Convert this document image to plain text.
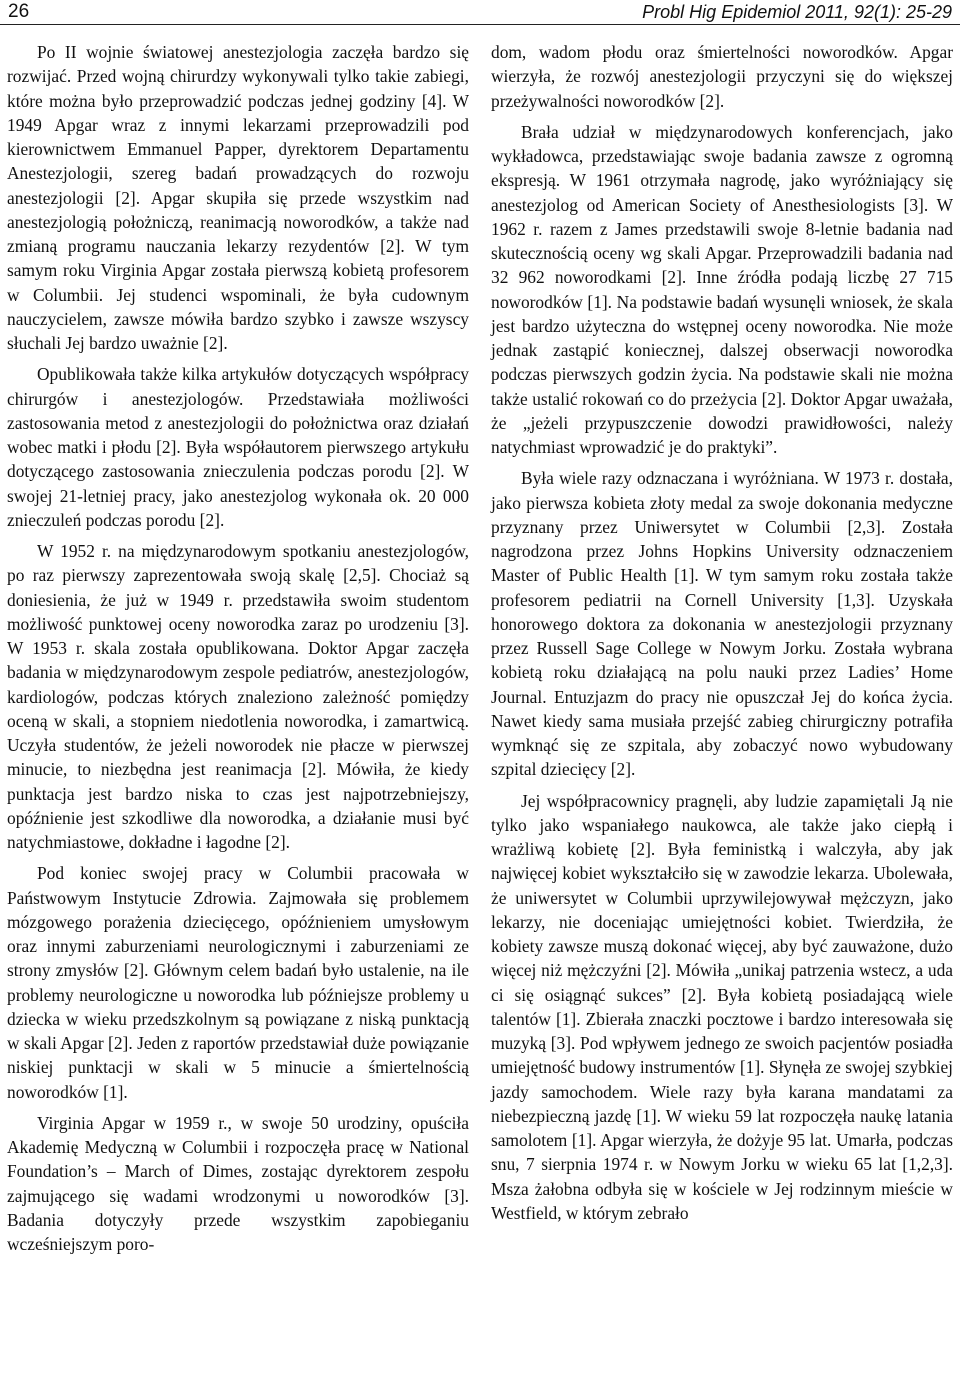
26	Probl Hig Epidemiol 2011, 92(1): 25-29

Po II wojnie światowej anestezjologia zaczęła bardzo się rozwijać. Przed wojną chirurdzy wykonywali tylko takie zabiegi, które można było przeprowadzić podczas jednej godziny [4]. W 1949 Apgar wraz z innymi lekarzami przeprowadzili pod kierownictwem Emmanuel Papper, dyrektorem Departamentu Anestezjologii, szereg badań prowadzących do rozwoju anestezjologii [2]. Apgar skupiła się przede wszystkim nad anestezjologią położniczą, reanimacją noworodków, a także nad zmianą programu nauczania lekarzy rezydentów [2]. W tym samym roku Virginia Apgar została pierwszą kobietą profesorem w Columbii. Jej studenci wspominali, że była cudownym nauczycielem, zawsze mówiła bardzo szybko i zawsze wszyscy słuchali Jej bardzo uważnie [2].

Opublikowała także kilka artykułów dotyczących współpracy chirurgów i anestezjologów. Przedstawiała możliwości zastosowania metod z anestezjologii do położnictwa oraz działań wobec matki i płodu [2]. Była współautorem pierwszego artykułu dotyczącego zastosowania znieczulenia podczas porodu [2]. W swojej 21-letniej pracy, jako anestezjolog wykonała ok. 20 000 znieczuleń podczas porodu [2].

W 1952 r. na międzynarodowym spotkaniu anestezjologów, po raz pierwszy zaprezentowała swoją skalę [2,5]. Chociaż są doniesienia, że już w 1949 r. przedstawiła swoim studentom możliwość punktowej oceny noworodka zaraz po urodzeniu [3]. W 1953 r. skala została opublikowana. Doktor Apgar zaczęła badania w międzynarodowym zespole pediatrów, anestezjologów, kardiologów, podczas których znaleziono zależność pomiędzy oceną w skali, a stopniem niedotlenia noworodka, i zamartwicą. Uczyła studentów, że jeżeli noworodek nie płacze w pierwszej minucie, to niezbędna jest reanimacja [2]. Mówiła, że kiedy punktacja jest bardzo niska to czas jest najpotrzebniejszy, opóźnienie jest szkodliwe dla noworodka, a działanie musi być natychmiastowe, dokładne i łagodne [2].

Pod koniec swojej pracy w Columbii pracowała w Państwowym Instytucie Zdrowia. Zajmowała się problemem mózgowego porażenia dziecięcego, opóźnieniem umysłowym oraz innymi zaburzeniami neurologicznymi i zaburzeniami ze strony zmysłów [2]. Głównym celem badań było ustalenie, na ile problemy neurologiczne u noworodka lub późniejsze problemy u dziecka w wieku przedszkolnym są powiązane z niską punktacją w skali Apgar [2]. Jeden z raportów przedstawiał duże powiązanie niskiej punktacji w skali w 5 minucie a śmiertelnością noworodków [1].

Virginia Apgar w 1959 r., w swoje 50 urodziny, opuściła Akademię Medyczną w Columbii i rozpoczęła pracę w National Foundation’s – March of Dimes, zostając dyrektorem zespołu zajmującego się wadami wrodzonymi u noworodków [3]. Badania dotyczyły przede wszystkim zapobieganiu wcześniejszym poro-

dom, wadom płodu oraz śmiertelności noworodków. Apgar wierzyła, że rozwój anestezjologii przyczyni się do większej przeżywalności noworodków [2].

Brała udział w międzynarodowych konferencjach, jako wykładowca, przedstawiając swoje badania zawsze z ogromną ekspresją. W 1961 otrzymała nagrodę, jako wyróżniający się anestezjolog od American Society of Anesthesiologists [3]. W 1962 r. razem z James przedstawili swoje 8-letnie badania nad skutecznością oceny wg skali Apgar. Przeprowadzili badania nad 32 962 noworodkami [2]. Inne źródła podają liczbę 27 715 noworodków [1]. Na podstawie badań wysunęli wniosek, że skala jest bardzo użyteczna do wstępnej oceny noworodka. Nie może jednak zastąpić koniecznej, dalszej obserwacji noworodka podczas pierwszych godzin życia. Na podstawie skali nie można także ustalić rokowań co do przeżycia [2]. Doktor Apgar uważała, że „jeżeli przypuszczenie dowodzi prawidłowości, należy natychmiast wprowadzić je do praktyki”.

Była wiele razy odznaczana i wyróżniana. W 1973 r. dostała, jako pierwsza kobieta złoty medal za swoje dokonania medyczne przyznany przez Uniwersytet w Columbii [2,3]. Została nagrodzona przez Johns Hopkins University odznaczeniem Master of Public Health [1]. W tym samym roku została także profesorem pediatrii na Cornell University [1,3]. Uzyskała honorowego doktora za dokonania w anestezjologii przyznany przez Russell Sage College w Nowym Jorku. Została wybrana kobietą roku działającą na polu nauki przez Ladies’ Home Journal. Entuzjazm do pracy nie opuszczał Jej do końca życia. Nawet kiedy sama musiała przejść zabieg chirurgiczny potrafiła wymknąć się ze szpitala, aby zobaczyć nowo wybudowany szpital dziecięcy [2].

Jej współpracownicy pragnęli, aby ludzie zapamiętali Ją nie tylko jako wspaniałego naukowca, ale także jako ciepłą i wrażliwą kobietę [2]. Była feministką i walczyła, aby jak najwięcej kobiet wykształciło się w zawodzie lekarza. Ubolewała, że uniwersytet w Columbii uprzywilejowywał mężczyzn, jako lekarzy, nie doceniając umiejętności kobiet. Twierdziła, że kobiety zawsze muszą dokonać więcej, aby być zauważone, dużo więcej niż mężczyźni [2]. Mówiła „unikaj patrzenia wstecz, a uda ci się osiągnąć sukces” [2]. Była kobietą posiadającą wiele talentów [1]. Zbierała znaczki pocztowe i bardzo interesowała się muzyką [3]. Pod wpływem jednego ze swoich pacjentów posiadła umiejętność budowy instrumentów [1]. Słynęła ze swojej szybkiej jazdy samochodem. Wiele razy była karana mandatami za niebezpieczną jazdę [1]. W wieku 59 lat rozpoczęła naukę latania samolotem [1]. Apgar wierzyła, że dożyje 95 lat. Umarła, podczas snu, 7 sierpnia 1974 r. w Nowym Jorku w wieku 65 lat [1,2,3]. Msza żałobna odbyła się w kościele w Jej rodzinnym mieście w Westfield, w którym zebrało
